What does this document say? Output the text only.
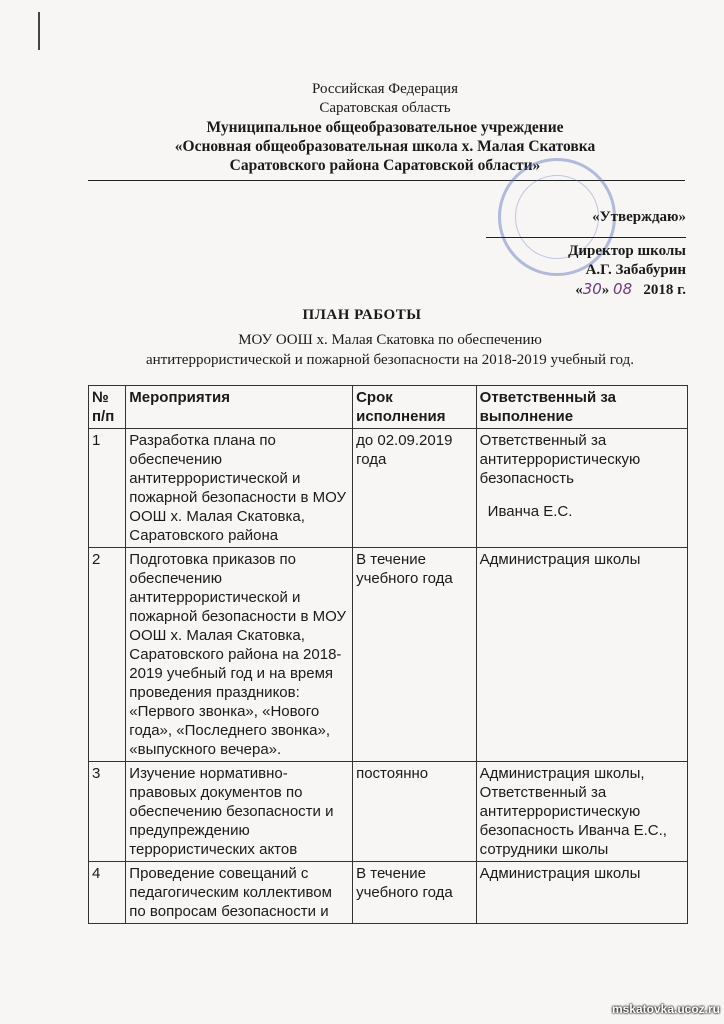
Российская Федерация
Саратовская область
Муниципальное общеобразовательное учреждение
«Основная общеобразовательная школа х. Малая Скатовка
Саратовского района Саратовской области»
«Утверждаю»
Директор школы
А.Г. Забабурин
«30» 08 2018 г.
ПЛАН РАБОТЫ
МОУ ООШ х. Малая Скатовка по обеспечению
антитеррористической и пожарной безопасности на 2018-2019 учебный год.
№ п/п	Мероприятия	Срок исполнения	Ответственный за выполнение
1	Разработка плана по обеспечению антитеррористической и пожарной безопасности в МОУ ООШ х. Малая Скатовка, Саратовского района	до 02.09.2019 года	Ответственный за антитеррористическую безопасность
Иванча Е.С.

2	Подготовка приказов по обеспечению антитеррористической и пожарной безопасности в МОУ ООШ х. Малая Скатовка, Саратовского района на 2018-2019 учебный год и на время проведения праздников: «Первого звонка», «Нового года», «Последнего звонка», «выпускного вечера».	В течение учебного года	Администрация школы
3	Изучение нормативно-правовых документов по обеспечению безопасности и предупреждению террористических актов	постоянно	Администрация школы, Ответственный за антитеррористическую безопасность Иванча Е.С., сотрудники школы
4	Проведение совещаний с педагогическим коллективом по вопросам безопасности и	В течение учебного года	Администрация школы
mskatovka.ucoz.ru
